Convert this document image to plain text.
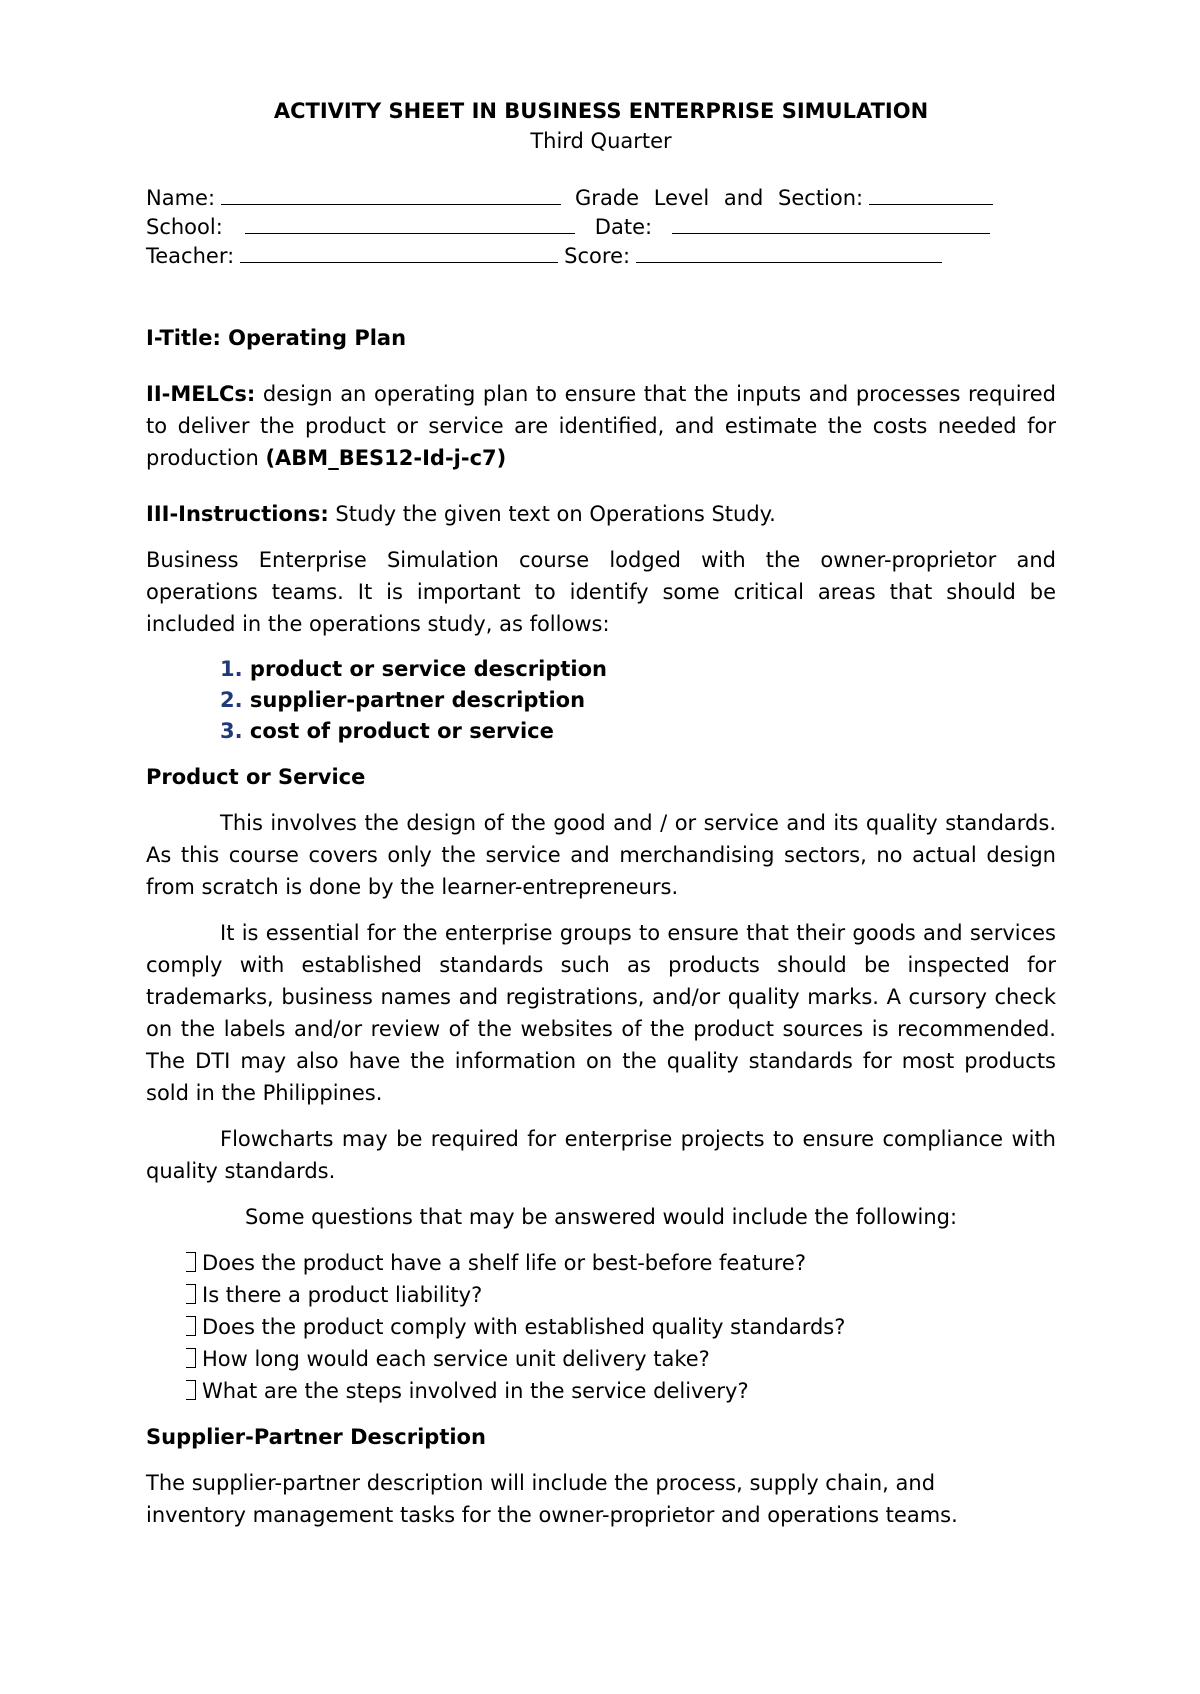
ACTIVITY SHEET IN BUSINESS ENTERPRISE SIMULATION
Third Quarter
Name:	Grade Level and Section:
School:	Date:
Teacher:	Score:

I-Title: Operating Plan

II-MELCs: design an operating plan to ensure that the inputs and processes required to deliver the product or service are identified, and estimate the costs needed for production (ABM_BES12-Id-j-c7)

III-Instructions: Study the given text on Operations Study.

Business Enterprise Simulation course lodged with the owner-proprietor and operations teams. It is important to identify some critical areas that should be included in the operations study, as follows:

1. product or service description
2. supplier-partner description
3. cost of product or service

Product or Service

This involves the design of the good and / or service and its quality standards. As this course covers only the service and merchandising sectors, no actual design from scratch is done by the learner-entrepreneurs.

It is essential for the enterprise groups to ensure that their goods and services comply with established standards such as products should be inspected for trademarks, business names and registrations, and/or quality marks. A cursory check on the labels and/or review of the websites of the product sources is recommended. The DTI may also have the information on the quality standards for most products sold in the Philippines.

Flowcharts may be required for enterprise projects to ensure compliance with quality standards.

Some questions that may be answered would include the following:

Does the product have a shelf life or best-before feature?
Is there a product liability?
Does the product comply with established quality standards?
How long would each service unit delivery take?
What are the steps involved in the service delivery?

Supplier-Partner Description

The supplier-partner description will include the process, supply chain, and inventory management tasks for the owner-proprietor and operations teams.
